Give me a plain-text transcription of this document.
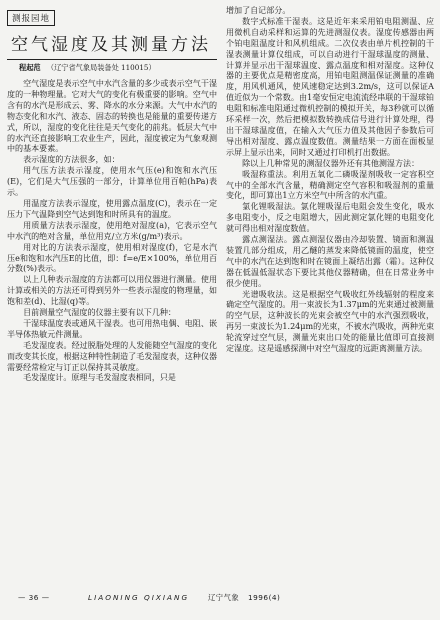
测报园地
空气湿度及其测量方法
程起范 （辽宁省气象局装备处 110015）

空气湿度是表示空气中水汽含量的多少或表示空气干湿度的一种物理量。它对大气的变化有极重要的影响。空气中含有的水汽是形成云、雾、降水的水分来源。大气中水汽的物态变化和水汽、液态、固态的转换也是能量的重要传递方式，所以，湿度的变化往往是天气变化的前兆。低层大气中的水汽还直接影响工农业生产，因此，湿度被定为气象观测中的基本要素。

表示湿度的方法很多，如：

用气压方法表示湿度，使用水气压(e)和饱和水汽压(E)，它们是大气压强的一部分，计算单位用百帕(hPa)表示。

用温度方法表示湿度，使用露点温度(C)，表示在一定压力下气温降到空气达到饱和时所具有的温度。

用质量方法表示湿度，使用绝对湿度(a)，它表示空气中水汽的绝对含量，单位用克/立方米(g/m³)表示。

用对比的方法表示湿度，使用相对湿度(f)，它是水汽压e和饱和水汽压E的比值，即：f=e/E×100%，单位用百分数(%)表示。

以上几种表示湿度的方法都可以用仪器进行测量。使用计算或相关的方法还可得到另外一些表示湿度的物理量，如饱和差(d)、比湿(q)等。

目前测量空气湿度的仪器主要有以下几种：

干湿球温度表或通风干湿表。也可用热电偶、电阻、嵌半导体热敏元件测量。

毛发湿度表。经过脱脂处理的人发能随空气湿度的变化而改变其长度，根据这种特性制造了毛发湿度表，这种仪器需要经常检定与订正以保持其灵敏度。

毛发湿度计。原理与毛发湿度表相同，只是

增加了自记部分。

数字式标准干湿表。这是近年来采用铂电阻测温、应用微机自动采样和运算的先进测湿仪表。湿度传感器由两个铂电阻温度计和风机组成。二次仪表由单片机控制的干湿表测量计算仪组成，可以自动进行干湿球温度的测量、计算并显示出干湿球温度、露点温度和相对湿度。这种仪器的主要优点是精密度高，用铂电阻测温保证测量的准确度，用风机通风，使风速稳定达到3.2m/s，这可以保证A值近似为一个常数。由1毫安恒定电流流经串联的干湿球铂电阻和标准电阻通过微机控制的模拟开关，每3秒就可以循环采样一次，然后把模拟数转换成信号进行计算处理，得出干湿球温度值，在输入大气压力值及其他因子参数后可导出相对湿度、露点温度数值。测量结果一方面在面板显示屏上显示出来，同时又通过打印机打出数据。

除以上几种常见的测湿仪器外还有其他测湿方法：

吸湿称重法。利用五氧化二磷吸湿剂吸收一定容积空气中的全部水汽含量，精确测定空气容积和吸湿剂的重量变化，即可算出1立方米空气中所含的水汽重。

氯化锂吸湿法。氯化锂吸湿后电阻会发生变化，吸水多电阻变小，反之电阻增大，因此测定氯化锂的电阻变化就可得出相对湿度数值。

露点测湿法。露点测湿仪器由冷却装置、镜面和测温装置几部分组成，用乙醚的蒸发来降低镜面的温度，使空气中的水汽在达到饱和时在镜面上凝结出露（霜）。这种仪器在低温低湿状态下要比其他仪器精确，但在日常业务中很少使用。

光谱吸收法。这是根据空气吸收红外线辐射的程度来确定空气湿度的。用一束波长为1.37μm的光束通过被测量的空气层，这种波长的光束会被空气中的水汽强烈吸收，再另一束波长为1.24μm的光束，不被水汽吸收，两种光束轮流穿过空气层，测量光束出口处的能量比值即可直接测定湿度。这是遥感探测中对空气湿度的远距离测量方法。

— 36 —	LIAONING QIXIANG	辽宁气象 1996(4)
